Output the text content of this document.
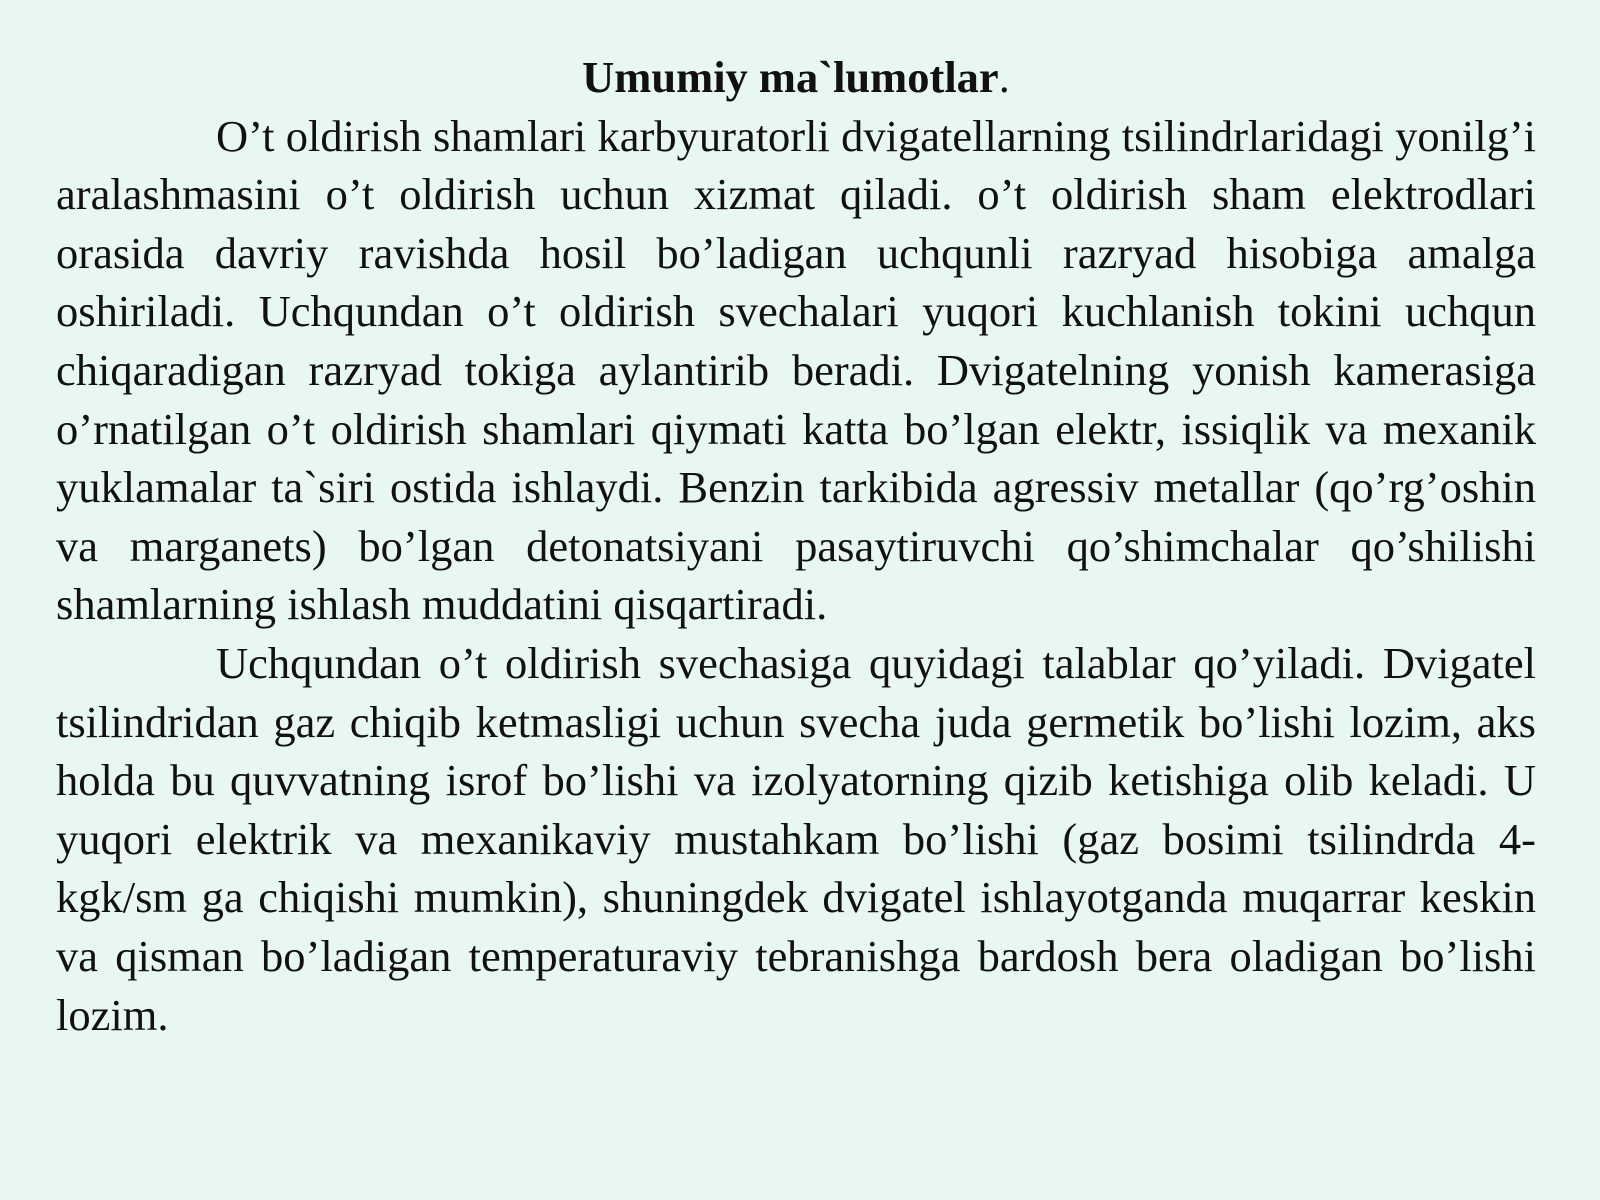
Umumiy ma`lumotlar.

O’t oldirish shamlari karbyuratorli dvigatellarning tsilindrlaridagi yonilg’i aralashmasini o’t oldirish uchun xizmat qiladi. o’t oldirish sham elektrodlari orasida davriy ravishda hosil bo’ladigan uchqunli razryad hisobiga amalga oshiriladi. Uchqundan o’t oldirish svechalari yuqori kuchlanish tokini uchqun chiqaradigan razryad tokiga aylantirib beradi. Dvigatelning yonish kamerasiga o’rnatilgan o’t oldirish shamlari qiymati katta bo’lgan elektr, issiqlik va mexanik yuklamalar ta`siri ostida ishlaydi. Benzin tarkibida agressiv metallar (qo’rg’oshin va marganets) bo’lgan detonatsiyani pasaytiruvchi qo’shimchalar qo’shilishi shamlarning ishlash muddatini qisqartiradi.

Uchqundan o’t oldirish svechasiga quyidagi talablar qo’yiladi. Dvigatel tsilindridan gaz chiqib ketmasligi uchun svecha juda germetik bo’lishi lozim, aks holda bu quvvatning isrof bo’lishi va izolyatorning qizib ketishiga olib keladi. U yuqori elektrik va mexanikaviy mustahkam bo’lishi (gaz bosimi tsilindrda 4- kgk/sm ga chiqishi mumkin), shuningdek dvigatel ishlayotganda muqarrar keskin va qisman bo’ladigan temperaturaviy tebranishga bardosh bera oladigan bo’lishi lozim.
